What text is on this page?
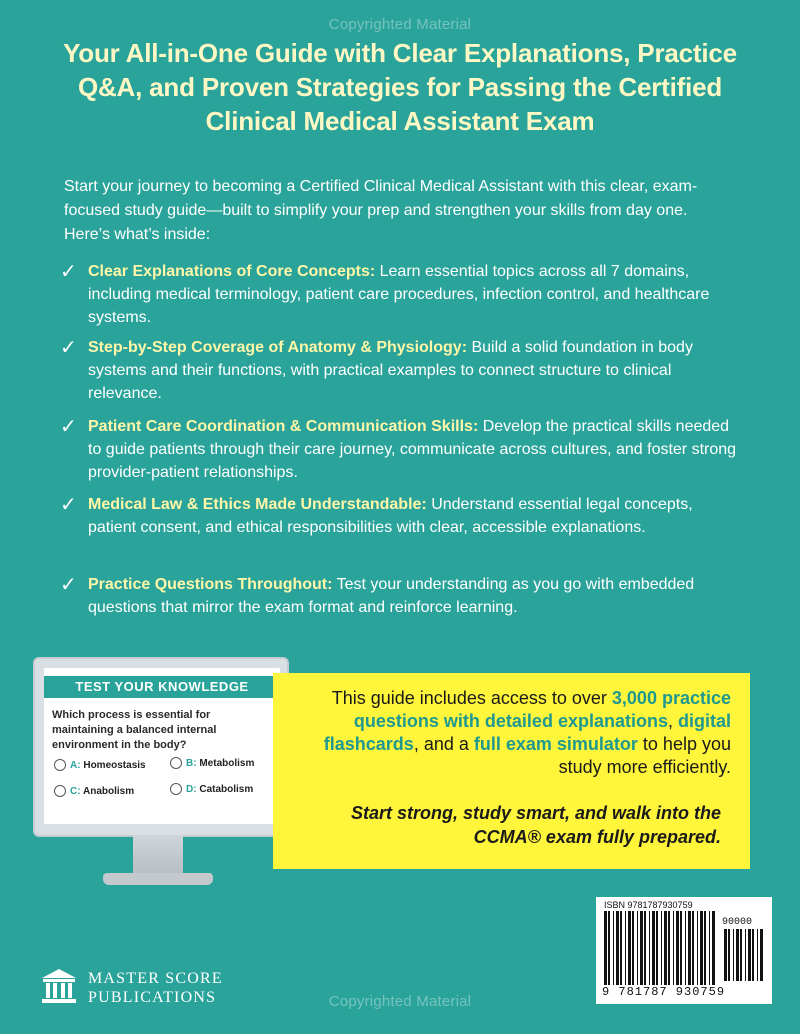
Copyrighted Material
Your All-in-One Guide with Clear Explanations, Practice Q&A, and Proven Strategies for Passing the Certified Clinical Medical Assistant Exam
Start your journey to becoming a Certified Clinical Medical Assistant with this clear, exam-focused study guide—built to simplify your prep and strengthen your skills from day one. Here’s what’s inside:
✓ Clear Explanations of Core Concepts: Learn essential topics across all 7 domains, including medical terminology, patient care procedures, infection control, and healthcare systems.
✓ Step-by-Step Coverage of Anatomy & Physiology: Build a solid foundation in body systems and their functions, with practical examples to connect structure to clinical relevance.
✓ Patient Care Coordination & Communication Skills: Develop the practical skills needed to guide patients through their care journey, communicate across cultures, and foster strong provider-patient relationships.
✓ Medical Law & Ethics Made Understandable: Understand essential legal concepts, patient consent, and ethical responsibilities with clear, accessible explanations.
✓ Practice Questions Throughout: Test your understanding as you go with embedded questions that mirror the exam format and reinforce learning.
TEST YOUR KNOWLEDGE
Which process is essential for maintaining a balanced internal environment in the body?
A: Homeostasis	B: Metabolism
C: Anabolism	D: Catabolism
This guide includes access to over 3,000 practice questions with detailed explanations, digital flashcards, and a full exam simulator to help you study more efficiently.
Start strong, study smart, and walk into the CCMA® exam fully prepared.
MASTER SCORE
PUBLICATIONS	Copyrighted Material
ISBN 9781787930759
90000
9 781787 930759
